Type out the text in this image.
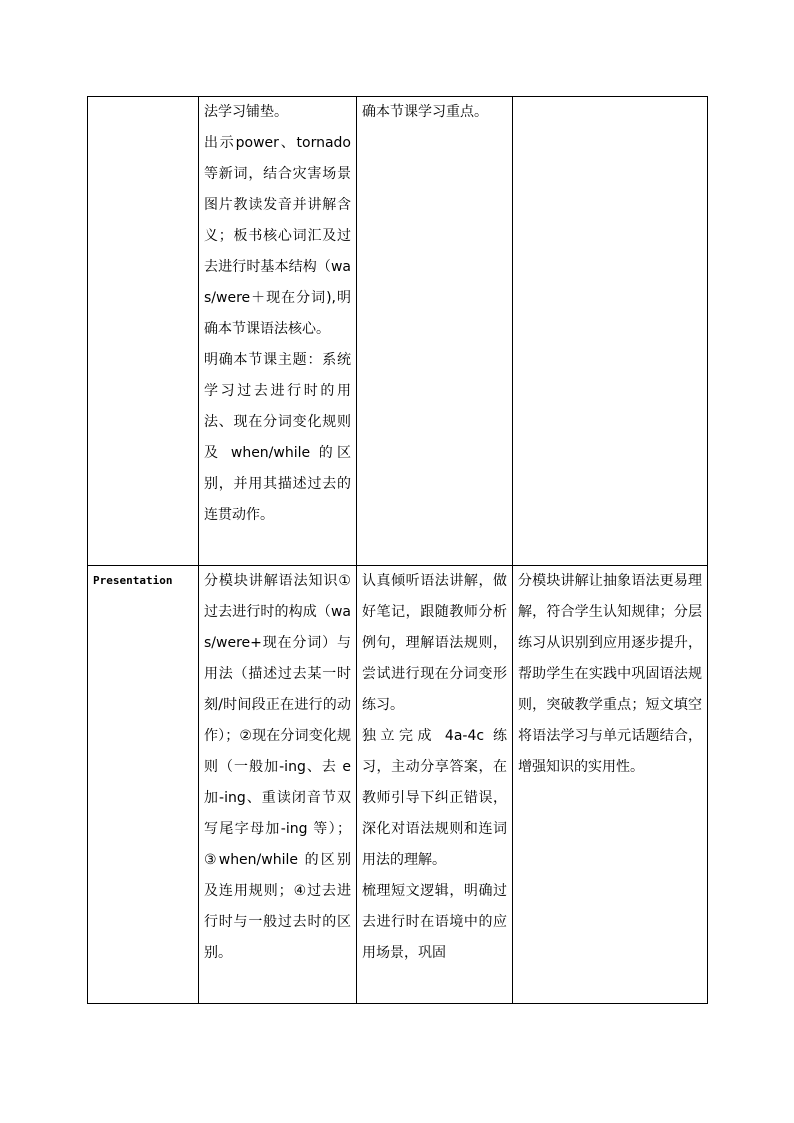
	法学习铺垫。

出示power、tornado等新词，结合灾害场景图片教读发音并讲解含义；板书核心词汇及过去进行时基本结构（was/were＋现在分词),明确本节课语法核心。

明确本节课主题：系统学习过去进行时的用法、现在分词变化规则及 when/while 的区别，并用其描述过去的连贯动作。	确本节课学习重点。	

Presentation	分模块讲解语法知识①过去进行时的构成（was/were+现在分词）与用法（描述过去某一时刻/时间段正在进行的动作）；②现在分词变化规则（一般加-ing、去 e 加-ing、重读闭音节双写尾字母加-ing 等）；③when/while 的区别及连用规则；④过去进行时与一般过去时的区别。	认真倾听语法讲解，做好笔记，跟随教师分析例句，理解语法规则，尝试进行现在分词变形练习。

独立完成 4a-4c 练习，主动分享答案，在教师引导下纠正错误，深化对语法规则和连词用法的理解。

梳理短文逻辑，明确过去进行时在语境中的应用场景，巩固	分模块讲解让抽象语法更易理解，符合学生认知规律；分层练习从识别到应用逐步提升，帮助学生在实践中巩固语法规则，突破教学重点；短文填空将语法学习与单元话题结合，增强知识的实用性。
